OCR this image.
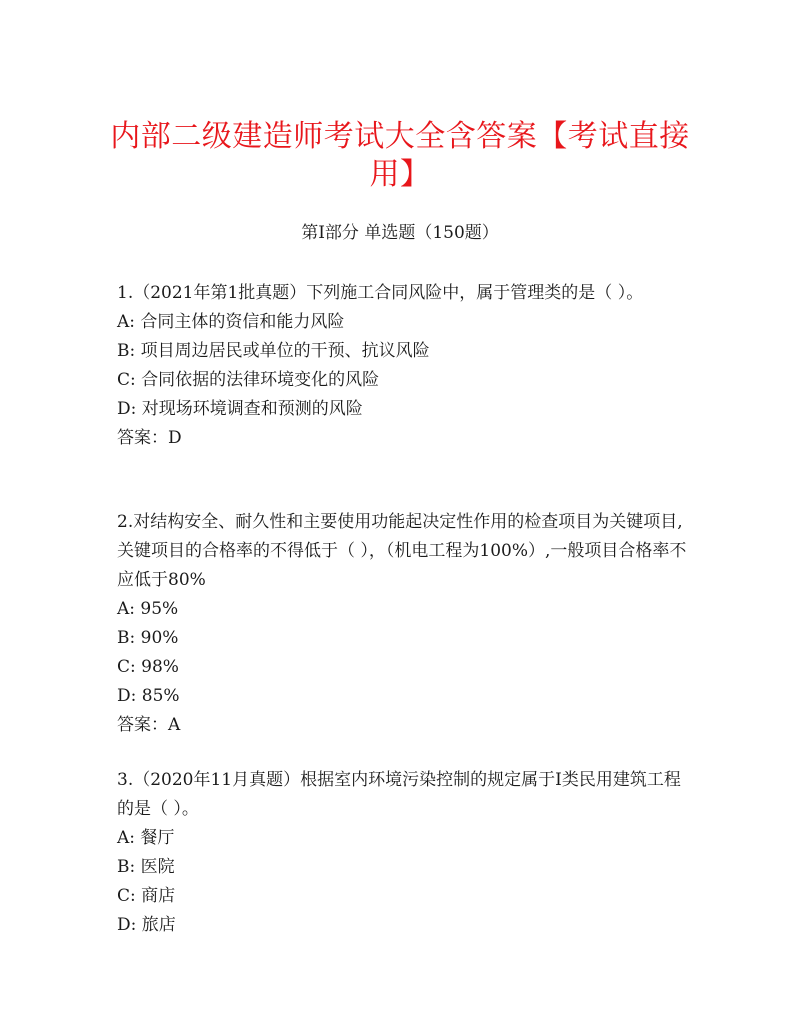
内部二级建造师考试大全含答案【考试直接用】
第I部分 单选题（150题）

1.（2021年第1批真题）下列施工合同风险中，属于管理类的是（ ）。

A: 合同主体的资信和能力风险

B: 项目周边居民或单位的干预、抗议风险

C: 合同依据的法律环境变化的风险

D: 对现场环境调查和预测的风险

答案：D

2.对结构安全、耐久性和主要使用功能起决定性作用的检查项目为关键项目,关键项目的合格率的不得低于（ ），（机电工程为100%）,一般项目合格率不应低于80%

A: 95%

B: 90%

C: 98%

D: 85%

答案：A

3.（2020年11月真题）根据室内环境污染控制的规定属于I类民用建筑工程的是（ ）。

A: 餐厅

B: 医院

C: 商店

D: 旅店
